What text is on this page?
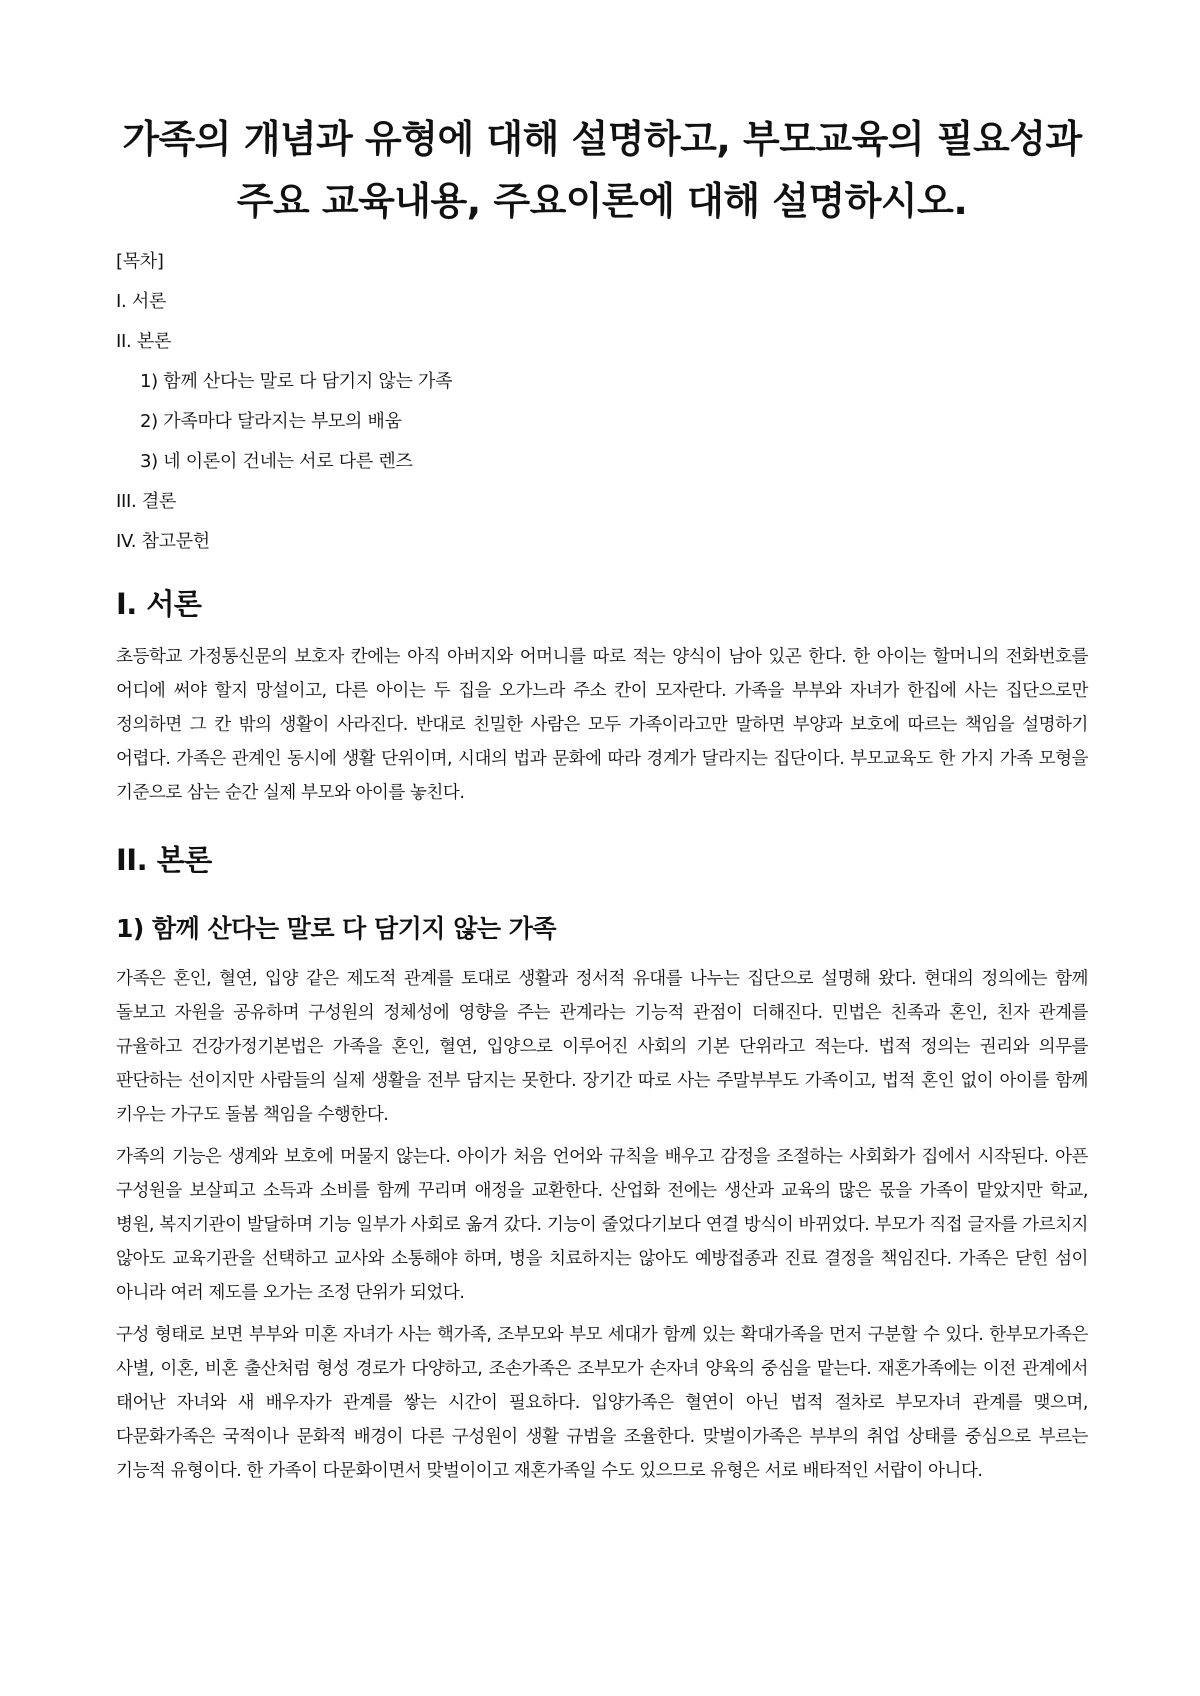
가족의 개념과 유형에 대해 설명하고, 부모교육의 필요성과 주요 교육내용, 주요이론에 대해 설명하시오.
[목차]
I. 서론
II. 본론
1) 함께 산다는 말로 다 담기지 않는 가족
2) 가족마다 달라지는 부모의 배움
3) 네 이론이 건네는 서로 다른 렌즈
III. 결론
IV. 참고문헌
I. 서론

초등학교 가정통신문의 보호자 칸에는 아직 아버지와 어머니를 따로 적는 양식이 남아 있곤 한다. 한 아이는 할머니의 전화번호를 어디에 써야 할지 망설이고, 다른 아이는 두 집을 오가느라 주소 칸이 모자란다. 가족을 부부와 자녀가 한집에 사는 집단으로만 정의하면 그 칸 밖의 생활이 사라진다. 반대로 친밀한 사람은 모두 가족이라고만 말하면 부양과 보호에 따르는 책임을 설명하기 어렵다. 가족은 관계인 동시에 생활 단위이며, 시대의 법과 문화에 따라 경계가 달라지는 집단이다. 부모교육도 한 가지 가족 모형을 기준으로 삼는 순간 실제 부모와 아이를 놓친다.

II. 본론
1) 함께 산다는 말로 다 담기지 않는 가족

가족은 혼인, 혈연, 입양 같은 제도적 관계를 토대로 생활과 정서적 유대를 나누는 집단으로 설명해 왔다. 현대의 정의에는 함께 돌보고 자원을 공유하며 구성원의 정체성에 영향을 주는 관계라는 기능적 관점이 더해진다. 민법은 친족과 혼인, 친자 관계를 규율하고 건강가정기본법은 가족을 혼인, 혈연, 입양으로 이루어진 사회의 기본 단위라고 적는다. 법적 정의는 권리와 의무를 판단하는 선이지만 사람들의 실제 생활을 전부 담지는 못한다. 장기간 따로 사는 주말부부도 가족이고, 법적 혼인 없이 아이를 함께 키우는 가구도 돌봄 책임을 수행한다.

가족의 기능은 생계와 보호에 머물지 않는다. 아이가 처음 언어와 규칙을 배우고 감정을 조절하는 사회화가 집에서 시작된다. 아픈 구성원을 보살피고 소득과 소비를 함께 꾸리며 애정을 교환한다. 산업화 전에는 생산과 교육의 많은 몫을 가족이 맡았지만 학교, 병원, 복지기관이 발달하며 기능 일부가 사회로 옮겨 갔다. 기능이 줄었다기보다 연결 방식이 바뀌었다. 부모가 직접 글자를 가르치지 않아도 교육기관을 선택하고 교사와 소통해야 하며, 병을 치료하지는 않아도 예방접종과 진료 결정을 책임진다. 가족은 닫힌 섬이 아니라 여러 제도를 오가는 조정 단위가 되었다.

구성 형태로 보면 부부와 미혼 자녀가 사는 핵가족, 조부모와 부모 세대가 함께 있는 확대가족을 먼저 구분할 수 있다. 한부모가족은 사별, 이혼, 비혼 출산처럼 형성 경로가 다양하고, 조손가족은 조부모가 손자녀 양육의 중심을 맡는다. 재혼가족에는 이전 관계에서 태어난 자녀와 새 배우자가 관계를 쌓는 시간이 필요하다. 입양가족은 혈연이 아닌 법적 절차로 부모자녀 관계를 맺으며, 다문화가족은 국적이나 문화적 배경이 다른 구성원이 생활 규범을 조율한다. 맞벌이가족은 부부의 취업 상태를 중심으로 부르는 기능적 유형이다. 한 가족이 다문화이면서 맞벌이이고 재혼가족일 수도 있으므로 유형은 서로 배타적인 서랍이 아니다.
